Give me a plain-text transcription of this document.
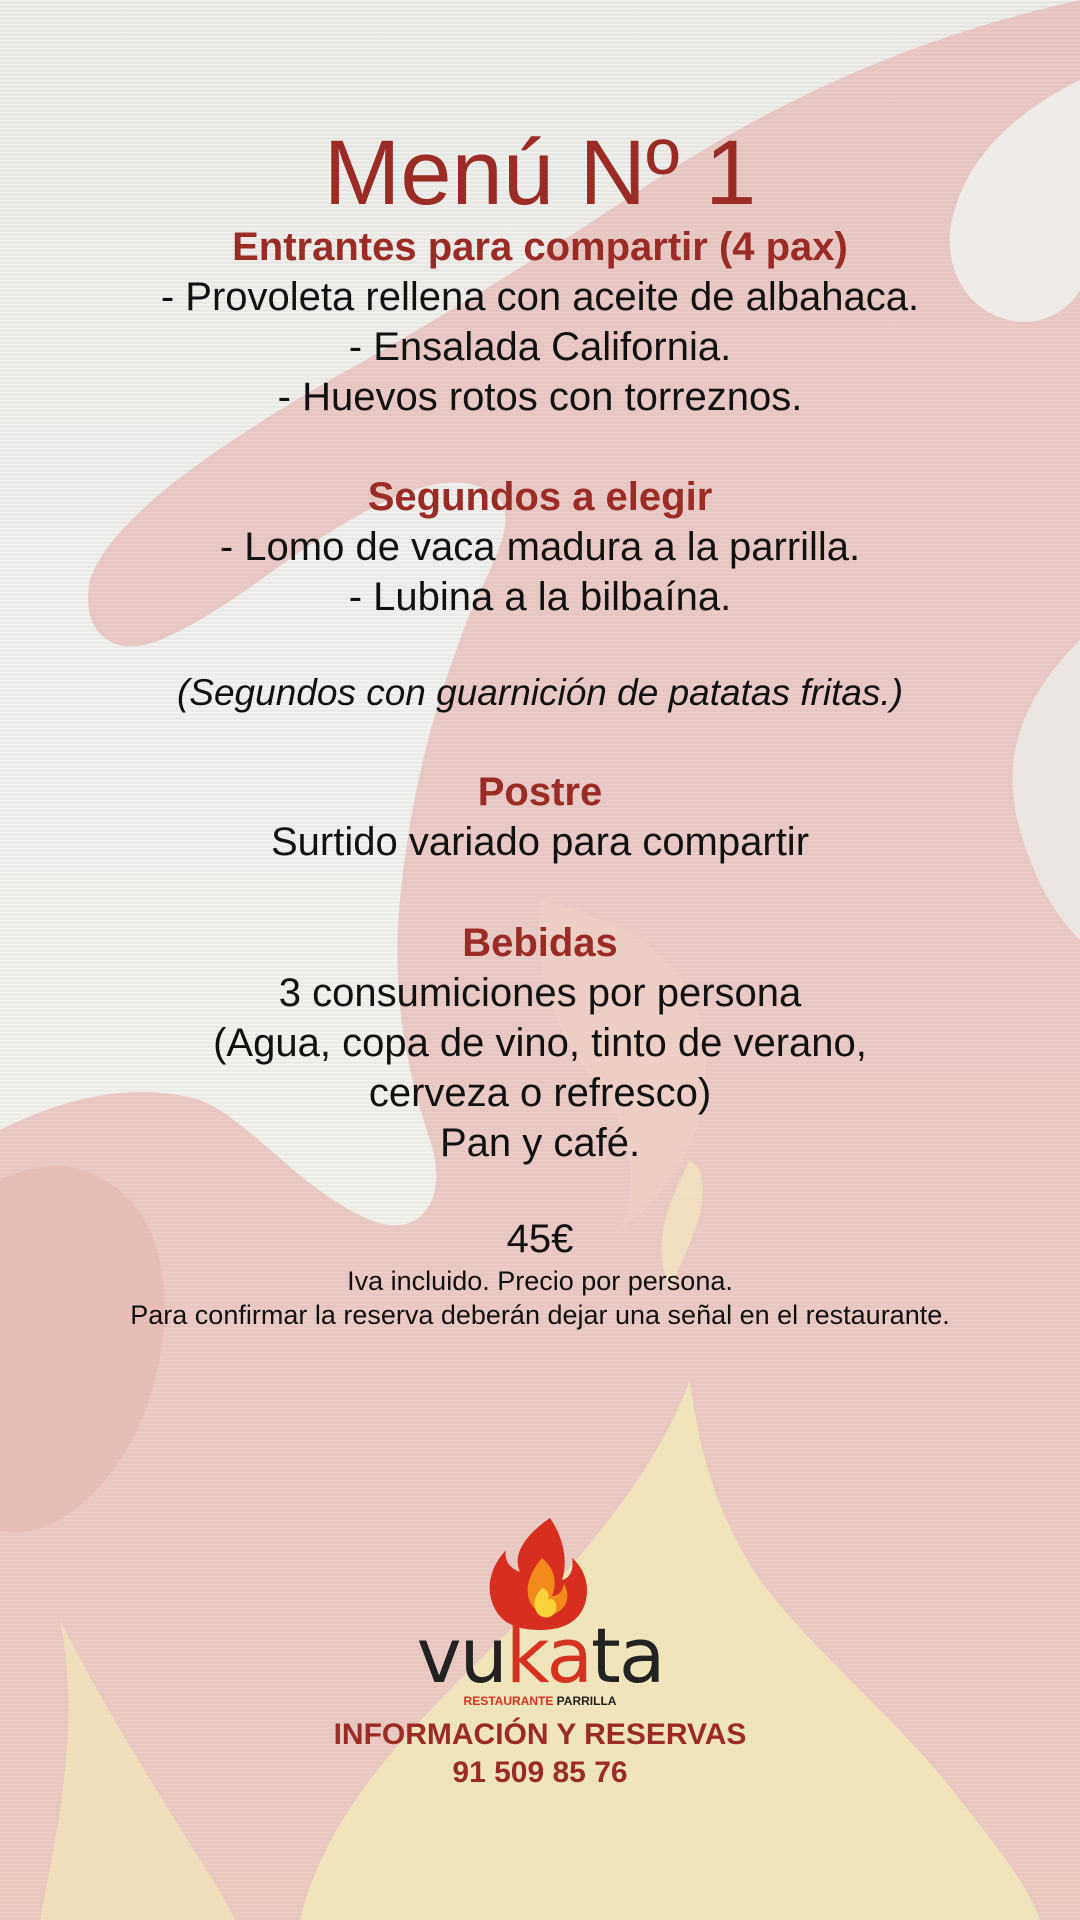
Menú Nº 1
Entrantes para compartir (4 pax)
- Provoleta rellena con aceite de albahaca.
- Ensalada California.
- Huevos rotos con torreznos.
Segundos a elegir
- Lomo de vaca madura a la parrilla.
- Lubina a la bilbaína.
(Segundos con guarnición de patatas fritas.)
Postre
Surtido variado para compartir
Bebidas
3 consumiciones por persona
(Agua, copa de vino, tinto de verano,
cerveza o refresco)
Pan y café.
45€
Iva incluido. Precio por persona.
Para confirmar la reserva deberán dejar una señal en el restaurante.
vukata
RESTAURANTE PARRILLA
INFORMACIÓN Y RESERVAS
91 509 85 76
